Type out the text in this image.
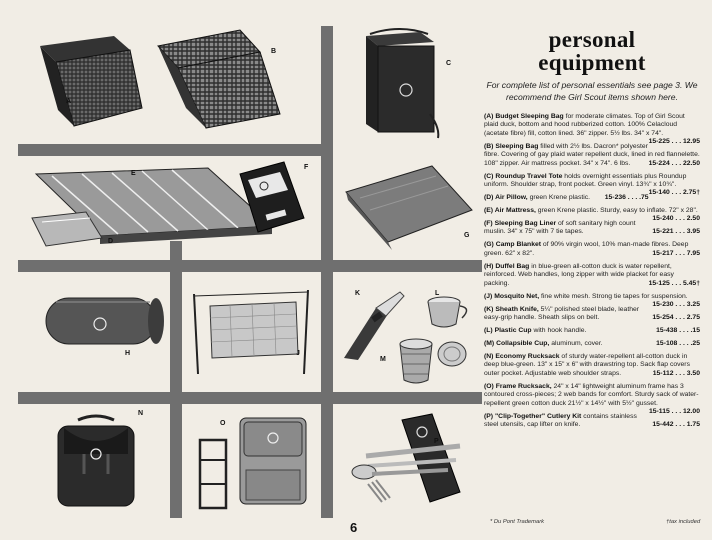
A
B
C
E
D
F
G
H	J
K	L
M
N
O
P
personal
equipment
For complete list of personal essentials see page 3. We recommend the Girl Scout items shown here.
(A) Budget Sleeping Bag for moderate climates. Top of Girl Scout plaid duck, bottom and hood rubberized cotton. 100% Celacloud (acetate fibre) fill, cotton lined. 36" zipper. 5½ lbs. 34" x 74".
15-225 . . . 12.95
(B) Sleeping Bag filled with 2½ lbs. Dacron* polyester fibre. Covering of gay plaid water repellent duck, lined in red flannelette. 108" zipper. Air mattress pocket. 34" x 74". 6 lbs.	15-224 . . . 22.50
(C) Roundup Travel Tote holds overnight essentials plus Roundup uniform. Shoulder strap, front pocket. Green vinyl. 13¾" x 10¾".
15-140 . . . 2.75†
(D) Air Pillow, green Krene plastic. 15-236 . . . .75
(E) Air Mattress, green Krene plastic. Sturdy, easy to inflate. 72" x 28".
15-240 . . . 2.50
(F) Sleeping Bag Liner of soft sanitary high count muslin. 34" x 75" with 7 tie tapes.	15-221 . . . 3.95
(G) Camp Blanket of 90% virgin wool, 10% man-made fibres. Deep green. 62" x 82".	15-217 . . . 7.95
(H) Duffel Bag in blue-green all-cotton duck is water repellent, reinforced. Web handles, long zipper with wide placket for easy packing.	15-125 . . . 5.45†
(J) Mosquito Net, fine white mesh. Strong tie tapes for suspension.
15-230 . . . 3.25
(K) Sheath Knife, 5¼" polished steel blade, leather easy-grip handle. Sheath slips on belt.	15-254 . . . 2.75
(L) Plastic Cup with hook handle.	15-438 . . . .15
(M) Collapsible Cup, aluminum, cover.	15-108 . . . .25
(N) Economy Rucksack of sturdy water-repellent all-cotton duck in deep blue-green. 13" x 15" x 6" with drawstring top. Sack flap covers outer pocket. Adjustable web shoulder straps.	15-112 . . . 3.50
(O) Frame Rucksack, 24" x 14" lightweight aluminum frame has 3 contoured cross-pieces; 2 web bands for comfort. Sturdy sack of water-repellent green cotton duck 21½" x 14½" with 5½" gusset.
15-115 . . . 12.00
(P) "Clip-Together" Cutlery Kit contains stainless steel utensils, cap lifter on knife.	15-442 . . . 1.75
6	* Du Pont Trademark	†tax included
